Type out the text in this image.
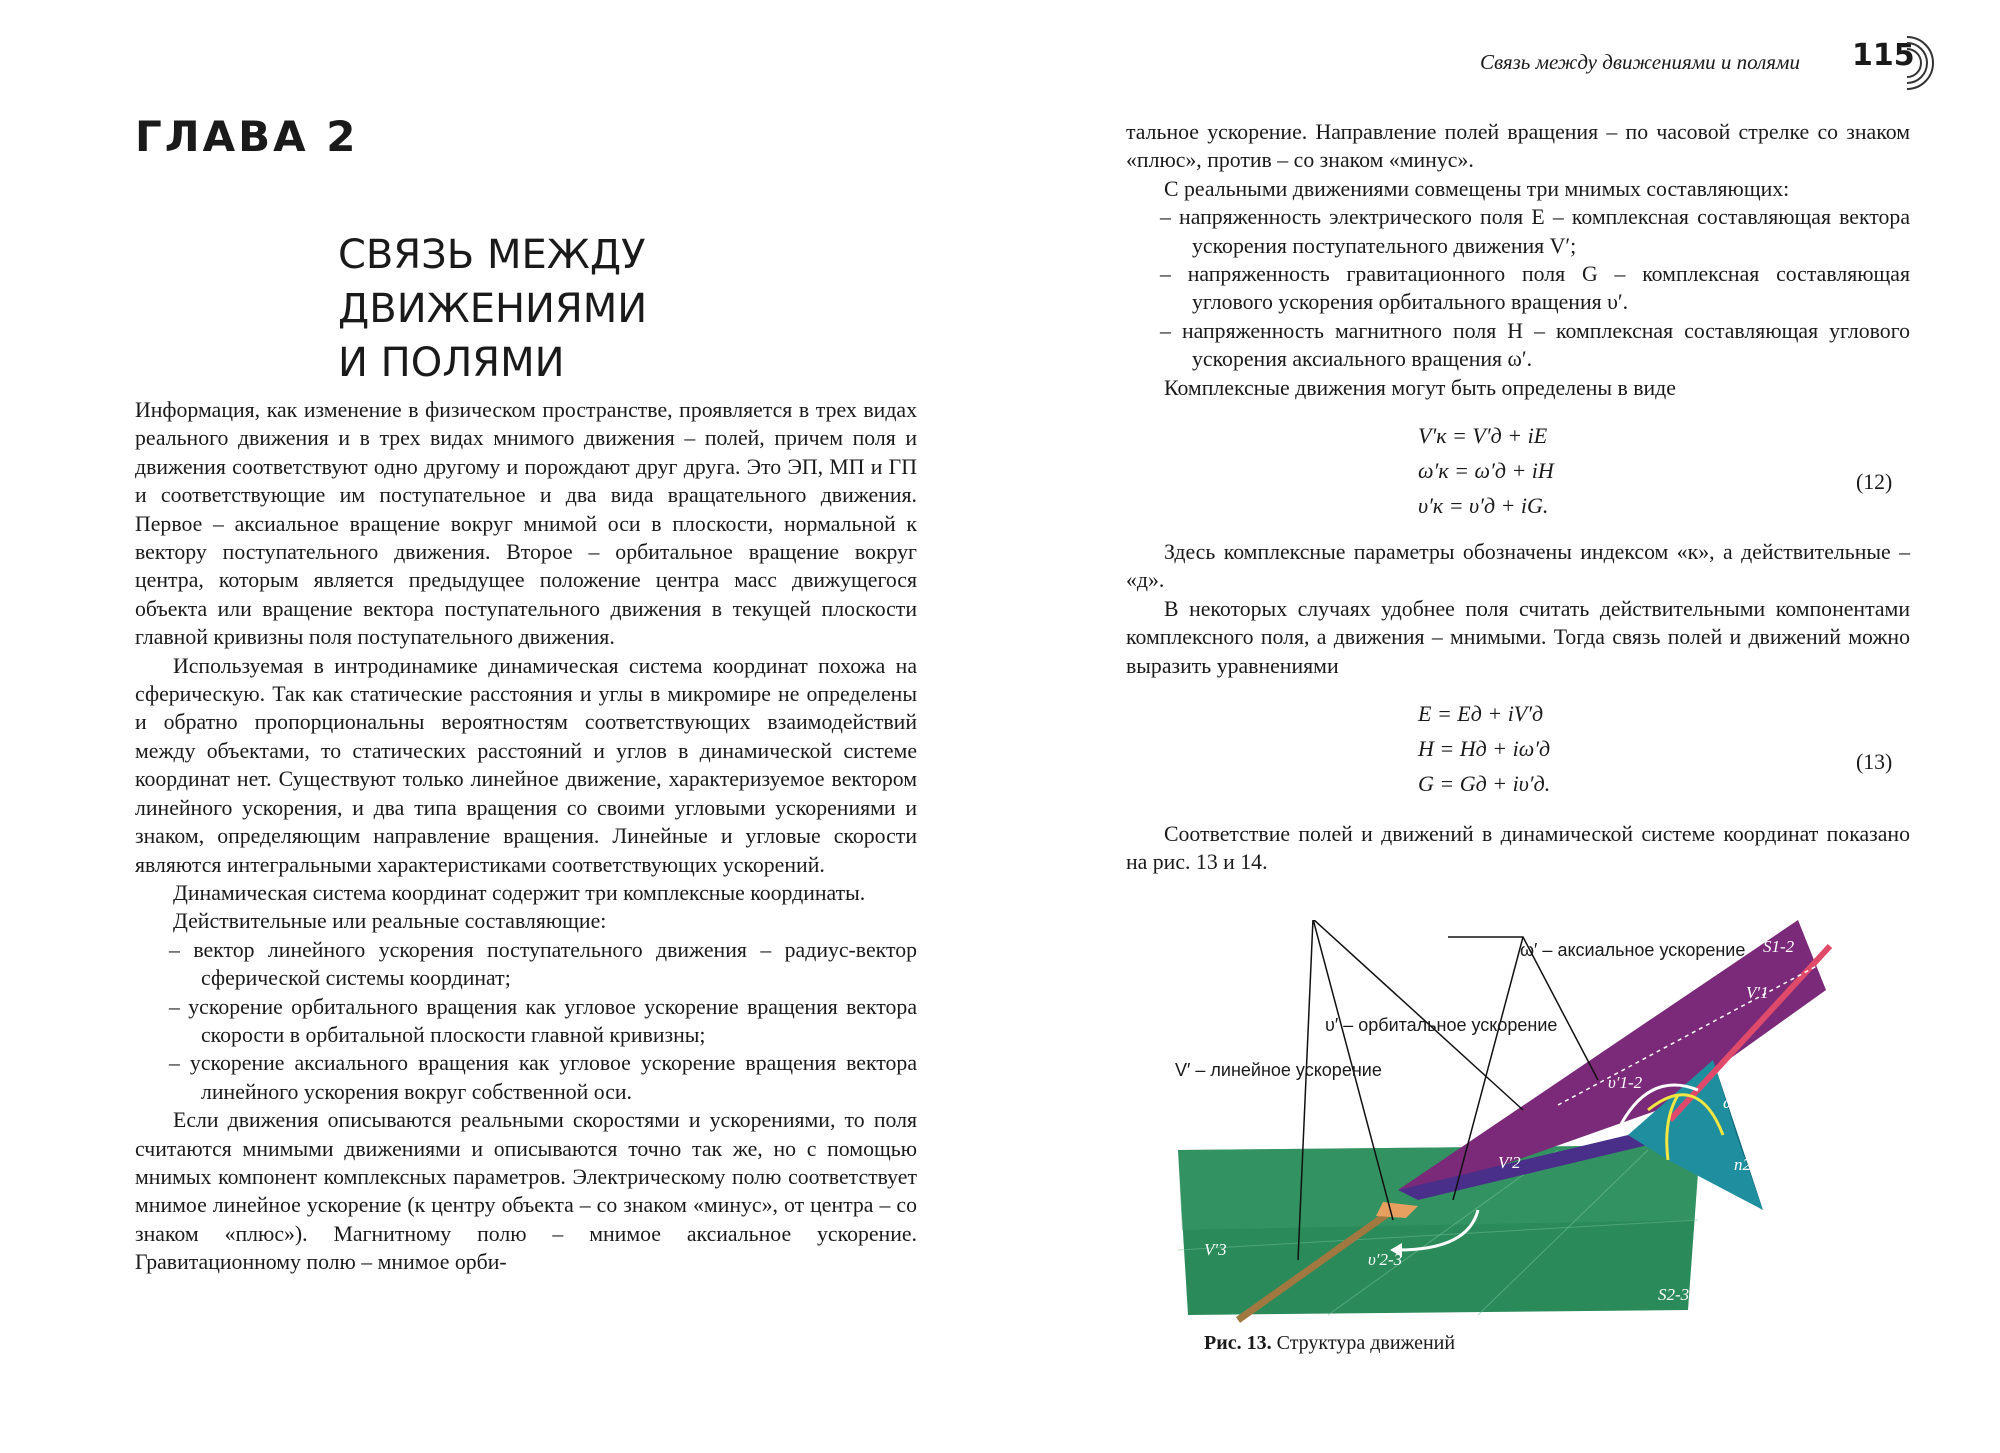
ГЛАВА 2
СВЯЗЬ МЕЖДУ ДВИЖЕНИЯМИ
И ПОЛЯМИ

Информация, как изменение в физическом пространстве, проявляется в трех видах реального движения и в трех видах мнимого движения – полей, причем поля и движения соответствуют одно другому и порождают друг друга. Это ЭП, МП и ГП и соответствующие им поступательное и два вида вращательного движения. Первое – аксиальное вращение вокруг мнимой оси в плоскости, нормальной к вектору поступательного движения. Второе – орбитальное вращение вокруг центра, которым является предыдущее положение центра масс движущегося объекта или вращение вектора поступательного движения в текущей плоскости главной кривизны поля поступательного движения.

Используемая в интродинамике динамическая система координат похожа на сферическую. Так как статические расстояния и углы в микромире не определены и обратно пропорциональны вероятностям соответствующих взаимодействий между объектами, то статических расстояний и углов в динамической системе координат нет. Существуют только линейное движение, характеризуемое вектором линейного ускорения, и два типа вращения со своими угловыми ускорениями и знаком, определяющим направление вращения. Линейные и угловые скорости являются интегральными характеристиками соответствующих ускорений.

Динамическая система координат содержит три комплексные координаты.

Действительные или реальные составляющие:

– вектор линейного ускорения поступательного движения – радиус-вектор сферической системы координат;

– ускорение орбитального вращения как угловое ускорение вращения вектора скорости в орбитальной плоскости главной кривизны;

– ускорение аксиального вращения как угловое ускорение вращения вектора линейного ускорения вокруг собственной оси.

Если движения описываются реальными скоростями и ускорениями, то поля считаются мнимыми движениями и описываются точно так же, но с помощью мнимых компонент комплексных параметров. Электрическому полю соответствует мнимое линейное ускорение (к центру объекта – со знаком «минус», от центра – со знаком «плюс»). Магнитному полю – мнимое аксиальное ускорение. Гравитационному полю – мнимое орби-

Связь между движениями и полями 115

тальное ускорение. Направление полей вращения – по часовой стрелке со знаком «плюс», против – со знаком «минус».

С реальными движениями совмещены три мнимых составляющих:

– напряженность электрического поля E – комплексная составляющая вектора ускорения поступательного движения V′;

– напряженность гравитационного поля G – комплексная составляющая углового ускорения орбитального вращения υ′.

– напряженность магнитного поля H – комплексная составляющая углового ускорения аксиального вращения ω′.

Комплексные движения могут быть определены в виде

V′к = V′д + iE
ω′к = ω′д + iH
υ′к = υ′д + iG.
(12)

Здесь комплексные параметры обозначены индексом «к», а действительные – «д».

В некоторых случаях удобнее поля считать действительными компонентами комплексного поля, а движения – мнимыми. Тогда связь полей и движений можно выразить уравнениями

E = Eд + iV′д
H = Hд + iω′д
G = Gд + iυ′д.
(13)

Соответствие полей и движений в динамической системе координат показано на рис. 13 и 14.

S1-2
V′1
υ′1-2
ω′1-2-3
n2
V′2
V′3
υ′2-3
S2-3
ω′ – аксиальное ускорение
υ′ – орбитальное ускорение
V′ – линейное ускорение
Рис. 13. Структура движений
